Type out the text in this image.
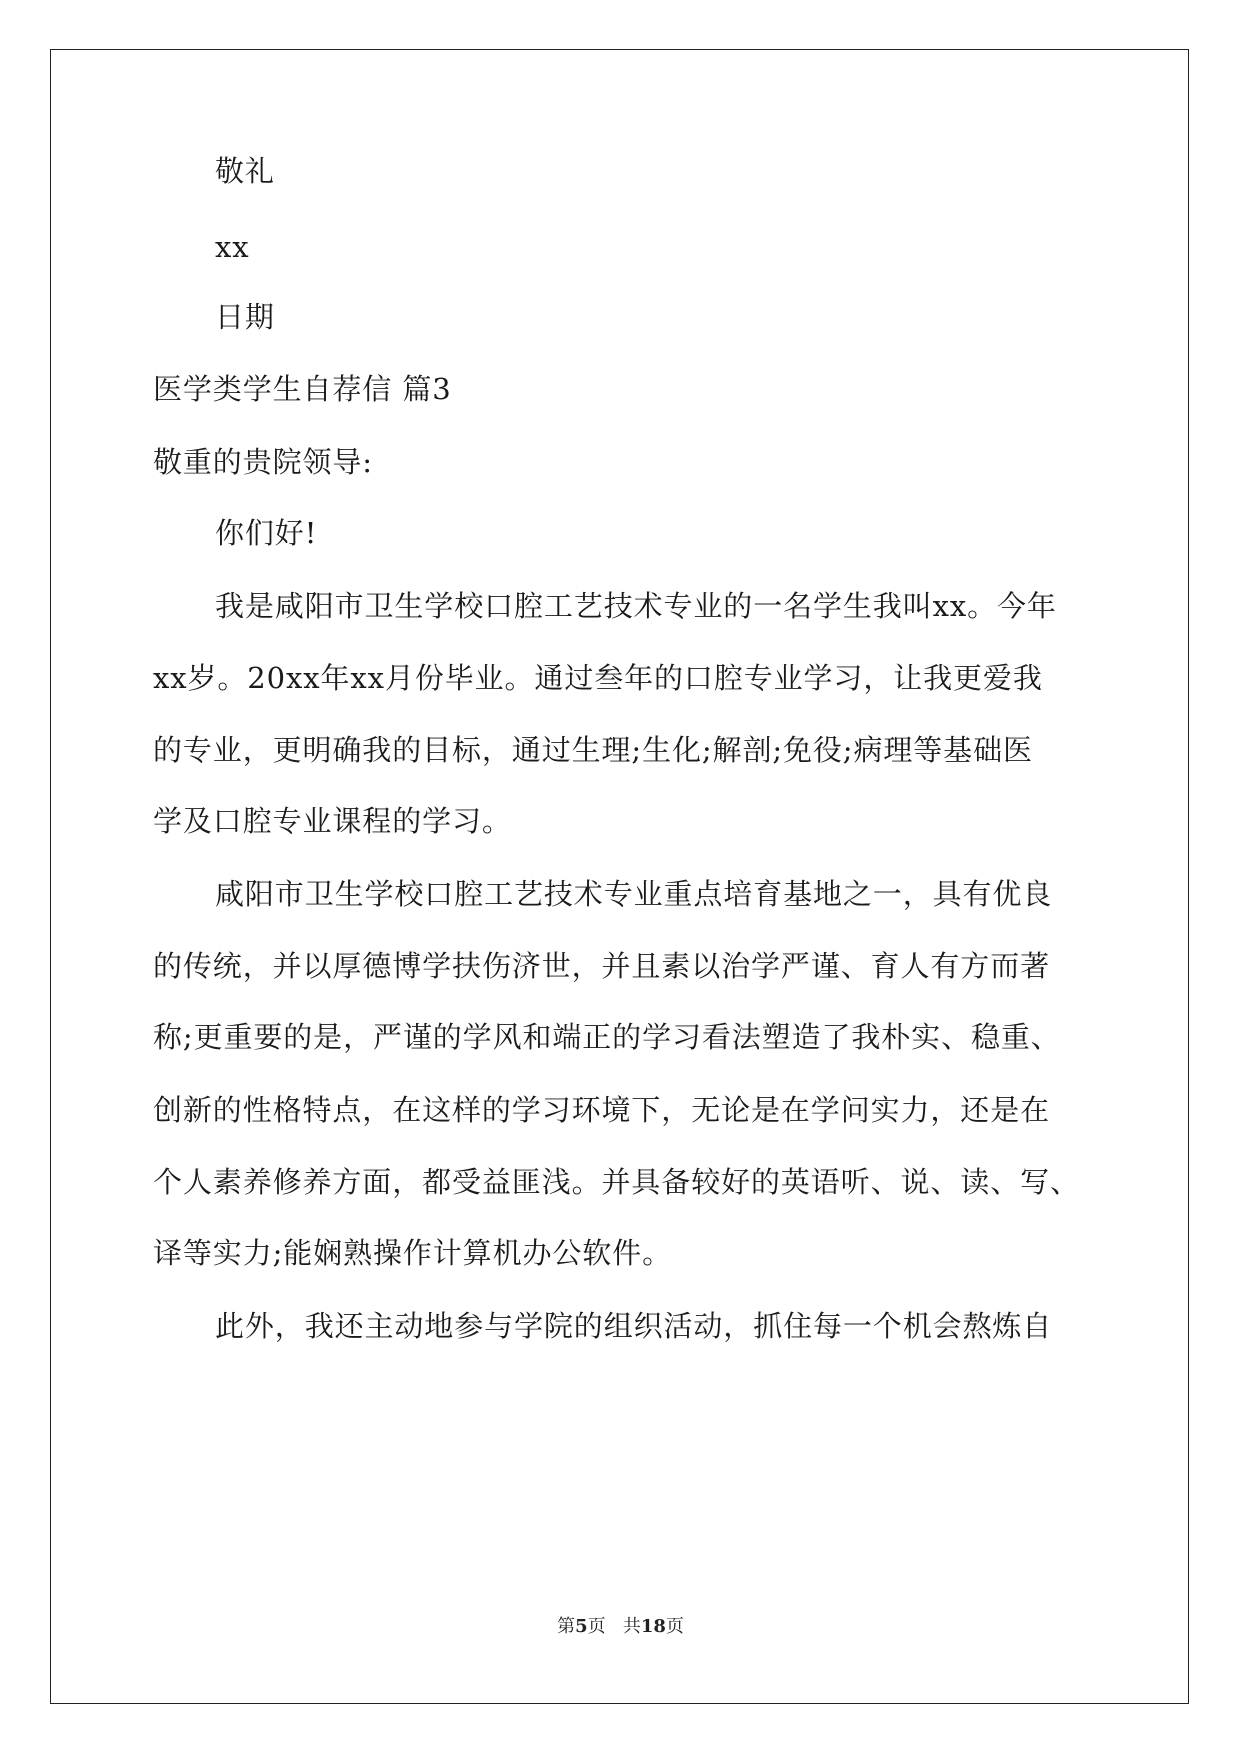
敬礼

xx

日期

医学类学生自荐信 篇3

敬重的贵院领导:

你们好!

我是咸阳市卫生学校口腔工艺技术专业的一名学生我叫xx。今年

xx岁。20xx年xx月份毕业。通过叁年的口腔专业学习，让我更爱我

的专业，更明确我的目标，通过生理;生化;解剖;免役;病理等基础医

学及口腔专业课程的学习。

咸阳市卫生学校口腔工艺技术专业重点培育基地之一，具有优良

的传统，并以厚德博学扶伤济世，并且素以治学严谨、育人有方而著

称;更重要的是，严谨的学风和端正的学习看法塑造了我朴实、稳重、

创新的性格特点，在这样的学习环境下，无论是在学问实力，还是在

个人素养修养方面，都受益匪浅。并具备较好的英语听、说、读、写、

译等实力;能娴熟操作计算机办公软件。

此外，我还主动地参与学院的组织活动，抓住每一个机会熬炼自

第5页 共18页
